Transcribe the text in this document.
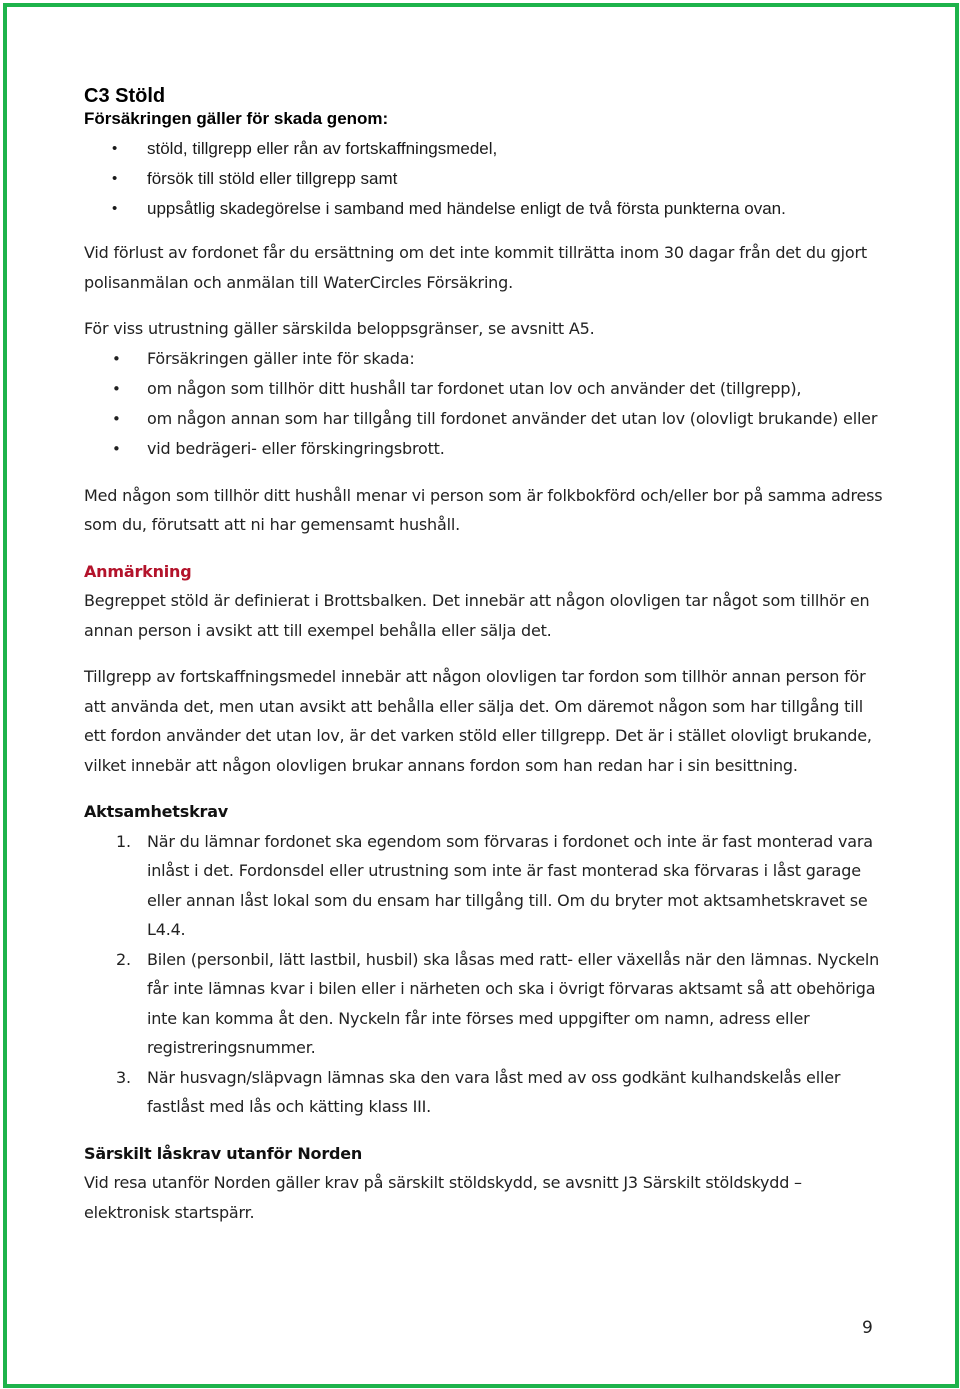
C3 Stöld
Försäkringen gäller för skada genom:
• stöld, tillgrepp eller rån av fortskaffningsmedel,
• försök till stöld eller tillgrepp samt
• uppsåtlig skadegörelse i samband med händelse enligt de två första punkterna ovan.

Vid förlust av fordonet får du ersättning om det inte kommit tillrätta inom 30 dagar från det du gjort polisanmälan och anmälan till WaterCircles Försäkring.

För viss utrustning gäller särskilda beloppsgränser, se avsnitt A5.

• Försäkringen gäller inte för skada:
• om någon som tillhör ditt hushåll tar fordonet utan lov och använder det (tillgrepp),
• om någon annan som har tillgång till fordonet använder det utan lov (olovligt brukande) eller
• vid bedrägeri- eller förskingringsbrott.

Med någon som tillhör ditt hushåll menar vi person som är folkbokförd och/eller bor på samma adress som du, förutsatt att ni har gemensamt hushåll.

Anmärkning

Begreppet stöld är definierat i Brottsbalken. Det innebär att någon olovligen tar något som tillhör en annan person i avsikt att till exempel behålla eller sälja det.

Tillgrepp av fortskaffningsmedel innebär att någon olovligen tar fordon som tillhör annan person för att använda det, men utan avsikt att behålla eller sälja det. Om däremot någon som har tillgång till ett fordon använder det utan lov, är det varken stöld eller tillgrepp. Det är i stället olovligt brukande, vilket innebär att någon olovligen brukar annans fordon som han redan har i sin besittning.

Aktsamhetskrav

1. När du lämnar fordonet ska egendom som förvaras i fordonet och inte är fast monterad vara inlåst i det. Fordonsdel eller utrustning som inte är fast monterad ska förvaras i låst garage eller annan låst lokal som du ensam har tillgång till. Om du bryter mot aktsamhetskravet se L4.4.
2. Bilen (personbil, lätt lastbil, husbil) ska låsas med ratt- eller växellås när den lämnas. Nyckeln får inte lämnas kvar i bilen eller i närheten och ska i övrigt förvaras aktsamt så att obehöriga inte kan komma åt den. Nyckeln får inte förses med uppgifter om namn, adress eller registreringsnummer.
3. När husvagn/släpvagn lämnas ska den vara låst med av oss godkänt kulhandskelås eller fastlåst med lås och kätting klass III.

Särskilt låskrav utanför Norden

Vid resa utanför Norden gäller krav på särskilt stöldskydd, se avsnitt J3 Särskilt stöldskydd – elektronisk startspärr.

9
